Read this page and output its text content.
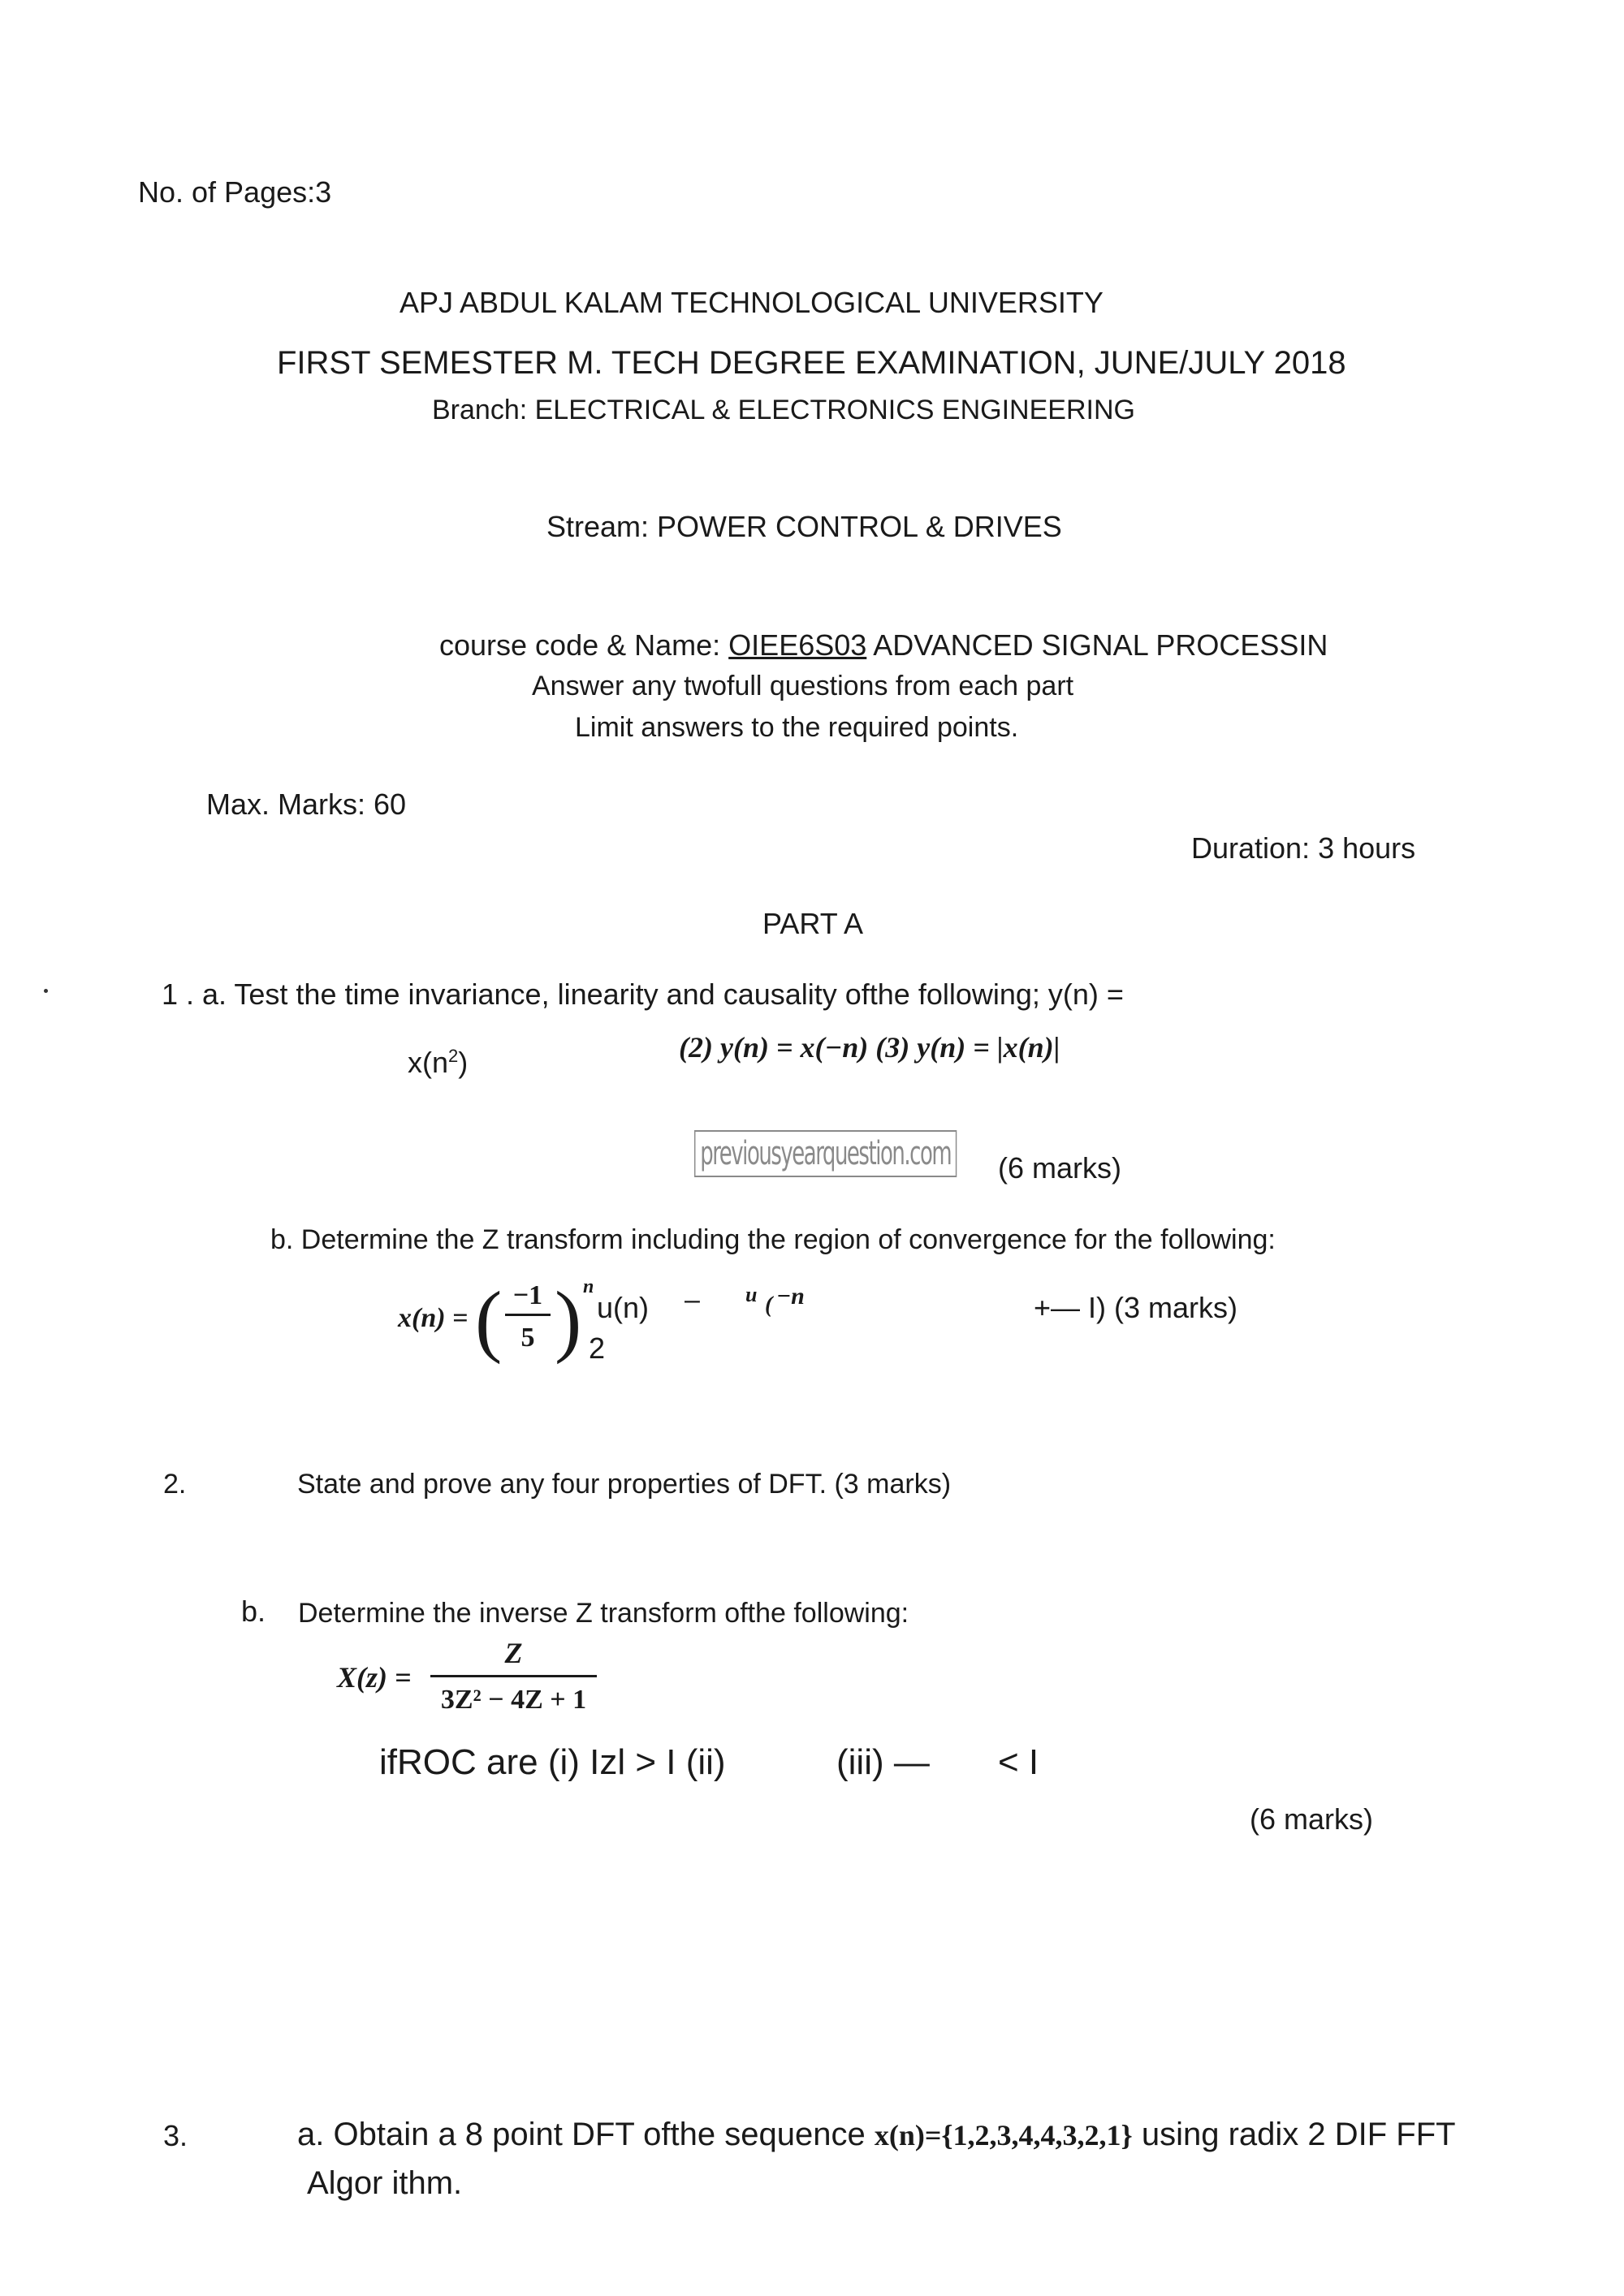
No. of Pages:3
APJ ABDUL KALAM TECHNOLOGICAL UNIVERSITY
FIRST SEMESTER M. TECH DEGREE EXAMINATION, JUNE/JULY 2018
Branch: ELECTRICAL & ELECTRONICS ENGINEERING
Stream: POWER CONTROL & DRIVES
course code & Name: OIEE6S03 ADVANCED SIGNAL PROCESSIN
Answer any twofull questions from each part
Limit answers to the required points.
Max. Marks: 60
Duration: 3 hours
PART A
1 . a. Test the time invariance, linearity and causality ofthe following; y(n) =
$x(n^2)$	(2) y(n) = x(−n) (3) y(n) = |x(n)|
previousyearquestion.com (6 marks)
b. Determine the Z transform including the region of convergence for the following:
x(n) = ( −1
5 ) n
u(n)
2
– u ( −n	+— I) (3 marks)
2.	State and prove any four properties of DFT. (3 marks)
b. Determine the inverse Z transform ofthe following:
X(z) =
Z
3Z² − 4Z + 1
ifROC are (i) Izl > I (ii)	(iii) — < I
(6 marks)
3.	a. Obtain a 8 point DFT ofthe sequence x(n)={1,2,3,4,4,3,2,1} using radix 2 DIF FFT
Algor ithm.
